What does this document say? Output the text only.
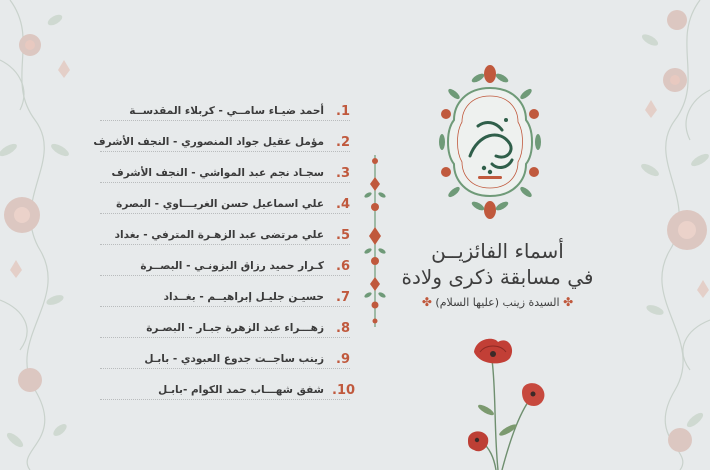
.1
أحمد ضيـاء سامــي - كربلاء المقدســة
.2
مؤمل عقيل جواد المنصوري - النجف الأشرف
.3
سجـاد نجم عبد المواشي - النجف الأشرف
.4
علي اسماعيل حسن الغريـــاوي - البصرة
.5
علي مرتضى عبد الزهـرة المترفي - بغداد
.6
كـرار حميد رزاق البزونـي - البصــرة
.7
حسيـن جليـل إبراهيــم - بغــداد
.8
زهـــراء عبد الزهرة جبـار - البصـرة
.9
زينب ساجــت جدوع العبودي - بابـل
.10
شفق شهـــاب حمد الكوام -بابـل
أسماء الفائزيــن
في مسابقة ذكرى ولادة
✤ السيدة زينب (عليها السلام) ✤
